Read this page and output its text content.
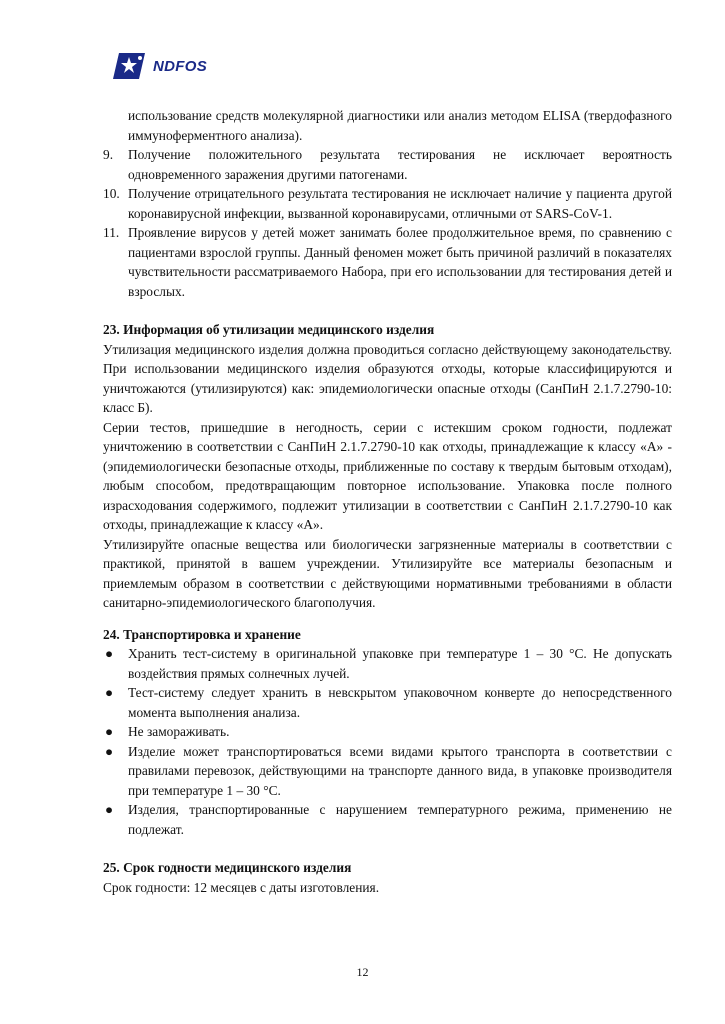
NDFOS
использование средств молекулярной диагностики или анализ методом ELISA (твердофазного иммуноферментного анализа).
9.	Получение положительного результата тестирования не исключает вероятность одновременного заражения другими патогенами.
10. Получение отрицательного результата тестирования не исключает наличие у пациента другой коронавирусной инфекции, вызванной коронавирусами, отличными от SARS-CoV-1.
11. Проявление вирусов у детей может занимать более продолжительное время, по сравнению с пациентами взрослой группы. Данный феномен может быть причиной различий в показателях чувствительности рассматриваемого Набора, при его использовании для тестирования детей и взрослых.
23. Информация об утилизации медицинского изделия

Утилизация медицинского изделия должна проводиться согласно действующему законодательству. При использовании медицинского изделия образуются отходы, которые классифицируются и уничтожаются (утилизируются) как: эпидемиологически опасные отходы (СанПиН 2.1.7.2790-10: класс Б).

Серии тестов, пришедшие в негодность, серии с истекшим сроком годности, подлежат уничтожению в соответствии с СанПиН 2.1.7.2790-10 как отходы, принадлежащие к классу «А» - (эпидемиологически безопасные отходы, приближенные по составу к твердым бытовым отходам), любым способом, предотвращающим повторное использование. Упаковка после полного израсходования содержимого, подлежит утилизации в соответствии с СанПиН 2.1.7.2790-10 как отходы, принадлежащие к классу «А».

Утилизируйте опасные вещества или биологически загрязненные материалы в соответствии с практикой, принятой в вашем учреждении. Утилизируйте все материалы безопасным и приемлемым образом в соответствии с действующими нормативными требованиями в области санитарно-эпидемиологического благополучия.

24. Транспортировка и хранение
●	Хранить тест-систему в оригинальной упаковке при температуре 1 – 30 °С. Не допускать воздействия прямых солнечных лучей.
●	Тест-систему следует хранить в невскрытом упаковочном конверте до непосредственного момента выполнения анализа.
●	Не замораживать.
●	Изделие может транспортироваться всеми видами крытого транспорта в соответствии с правилами перевозок, действующими на транспорте данного вида, в упаковке производителя при температуре 1 – 30 °С.
●	Изделия, транспортированные с нарушением температурного режима, применению не подлежат.
25. Срок годности медицинского изделия

Срок годности: 12 месяцев с даты изготовления.

12
